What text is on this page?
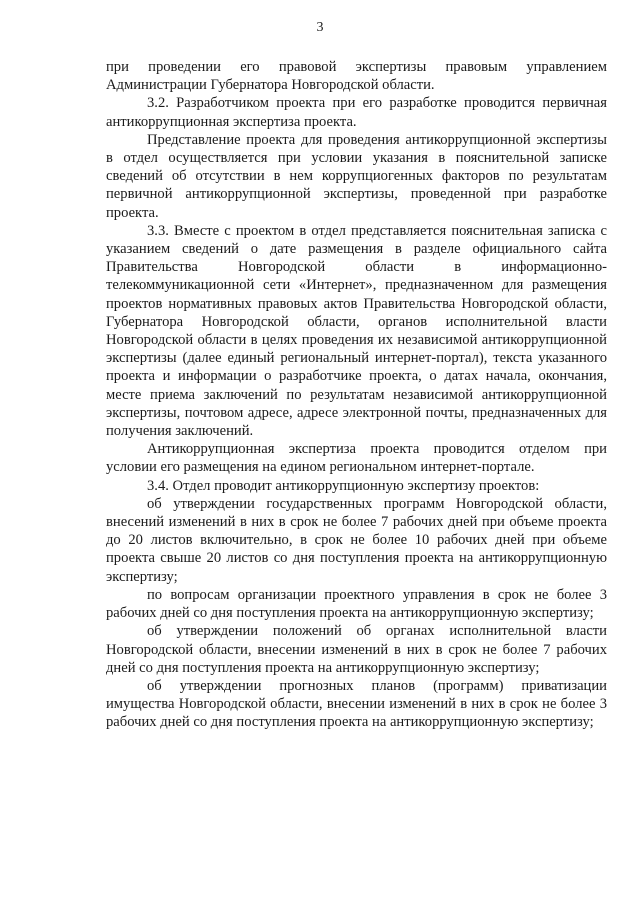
3

при проведении его правовой экспертизы правовым управлением Администрации Губернатора Новгородской области.

3.2. Разработчиком проекта при его разработке проводится первичная антикоррупционная экспертиза проекта.

Представление проекта для проведения антикоррупционной экспертизы в отдел осуществляется при условии указания в пояснительной записке сведений об отсутствии в нем коррупциогенных факторов по результатам первичной антикоррупционной экспертизы, проведенной при разработке проекта.

3.3. Вместе с проектом в отдел представляется пояснительная записка с указанием сведений о дате размещения в разделе официального сайта Правительства Новгородской области в информационно-телекоммуникационной сети «Интернет», предназначенном для размещения проектов нормативных правовых актов Правительства Новгородской области, Губернатора Новгородской области, органов исполнительной власти Новгородской области в целях проведения их независимой антикоррупционной экспертизы (далее единый региональный интернет-портал), текста указанного проекта и информации о разработчике проекта, о датах начала, окончания, месте приема заключений по результатам независимой антикоррупционной экспертизы, почтовом адресе, адресе электронной почты, предназначенных для получения заключений.

Антикоррупционная экспертиза проекта проводится отделом при условии его размещения на едином региональном интернет-портале.

3.4. Отдел проводит антикоррупционную экспертизу проектов:

об утверждении государственных программ Новгородской области, внесений изменений в них в срок не более 7 рабочих дней при объеме проекта до 20 листов включительно, в срок не более 10 рабочих дней при объеме проекта свыше 20 листов со дня поступления проекта на антикоррупционную экспертизу;

по вопросам организации проектного управления в срок не более 3 рабочих дней со дня поступления проекта на антикоррупционную экспертизу;

об утверждении положений об органах исполнительной власти Новгородской области, внесении изменений в них в срок не более 7 рабочих дней со дня поступления проекта на антикоррупционную экспертизу;

об утверждении прогнозных планов (программ) приватизации имущества Новгородской области, внесении изменений в них в срок не более 3 рабочих дней со дня поступления проекта на антикоррупционную экспертизу;
